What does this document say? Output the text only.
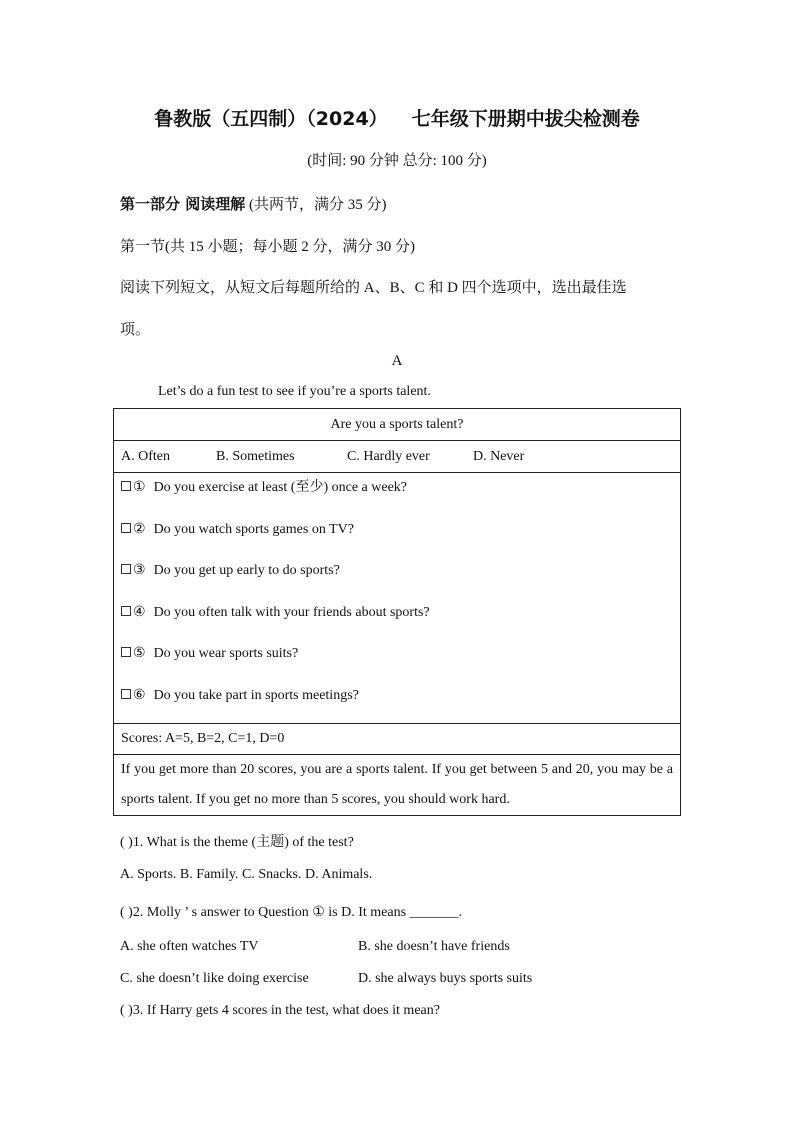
鲁教版（五四制）（2024） 七年级下册期中拔尖检测卷
(时间: 90 分钟 总分: 100 分)
第一部分 阅读理解 (共两节，满分 35 分)
第一节(共 15 小题；每小题 2 分，满分 30 分)
阅读下列短文，从短文后每题所给的 A、B、C 和 D 四个选项中，选出最佳选
项。
A
Let’s do a fun test to see if you’re a sports talent.
Are you a sports talent?
A. Often	B. Sometimes	C. Hardly ever	D. Never

① Do you exercise at least (至少) once a week?
② Do you watch sports games on TV?
③ Do you get up early to do sports?
④ Do you often talk with your friends about sports?
⑤ Do you wear sports suits?
⑥ Do you take part in sports meetings?

Scores: A=5, B=2, C=1, D=0
If you get more than 20 scores, you are a sports talent. If you get between 5 and 20, you may be a sports talent. If you get no more than 5 scores, you should work hard.
( )1. What is the theme (主题) of the test?
A. Sports. B. Family. C. Snacks. D. Animals.
( )2. Molly ’ s answer to Question ① is D. It means _______.
A. she often watches TV	B. she doesn’t have friends
C. she doesn’t like doing exercise	D. she always buys sports suits
( )3. If Harry gets 4 scores in the test, what does it mean?
